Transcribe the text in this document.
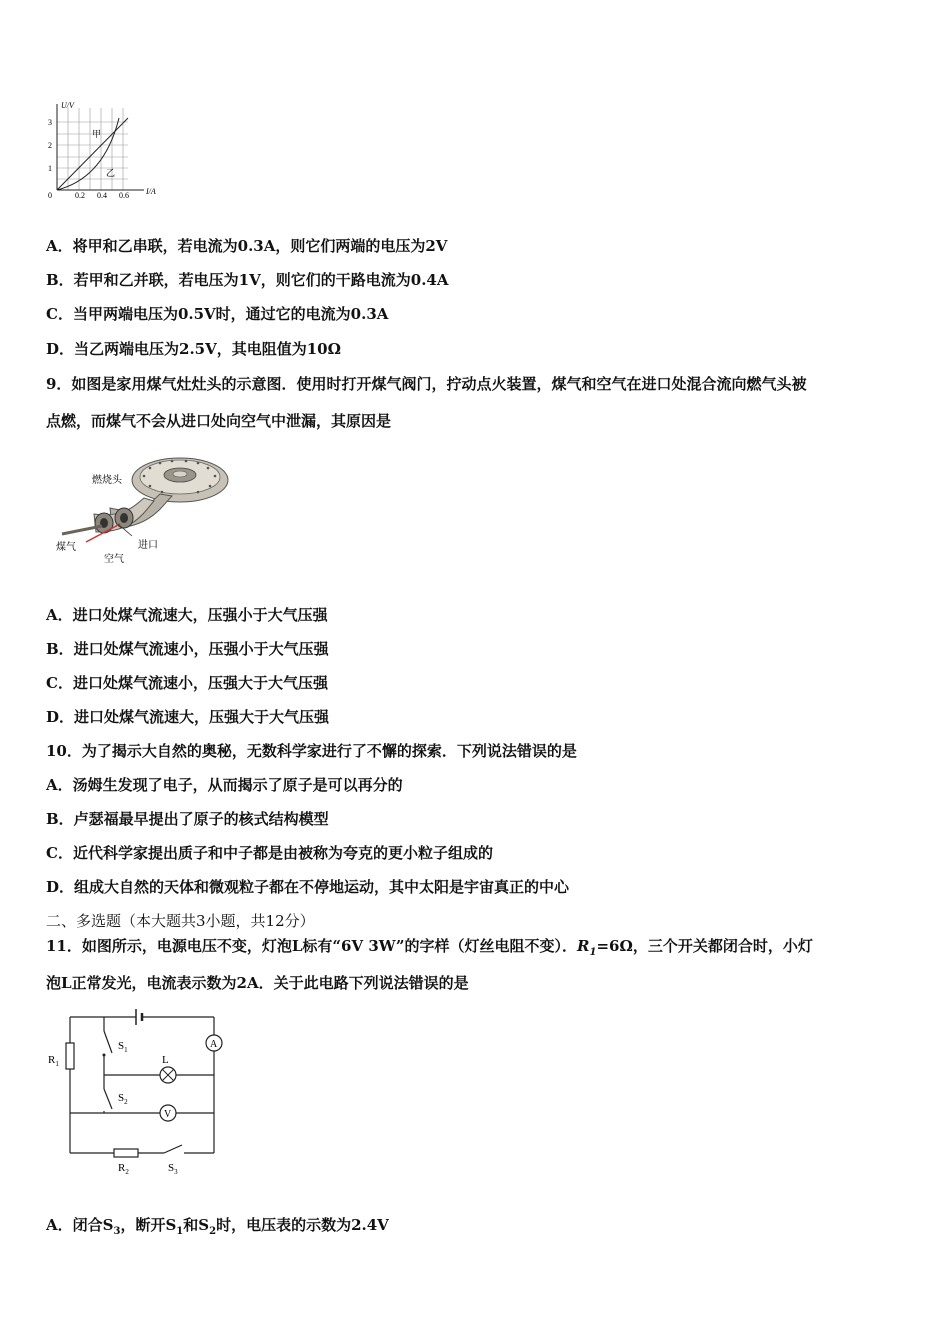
U/V
I/A
3
2
1
0	0.2 0.4 0.6
甲
乙
A．将甲和乙串联，若电流为0.3A，则它们两端的电压为2V
B．若甲和乙并联，若电压为1V，则它们的干路电流为0.4A
C．当甲两端电压为0.5V时，通过它的电流为0.3A
D．当乙两端电压为2.5V，其电阻值为10Ω
9．如图是家用煤气灶灶头的示意图．使用时打开煤气阀门，拧动点火装置，煤气和空气在进口处混合流向燃气头被
点燃，而煤气不会从进口处向空气中泄漏，其原因是
燃烧头
煤气
空气
进口
A．进口处煤气流速大，压强小于大气压强
B．进口处煤气流速小，压强小于大气压强
C．进口处煤气流速小，压强大于大气压强
D．进口处煤气流速大，压强大于大气压强
10．为了揭示大自然的奥秘，无数科学家进行了不懈的探索．下列说法错误的是
A．汤姆生发现了电子，从而揭示了原子是可以再分的
B．卢瑟福最早提出了原子的核式结构模型
C．近代科学家提出质子和中子都是由被称为夸克的更小粒子组成的
D．组成大自然的天体和微观粒子都在不停地运动，其中太阳是宇宙真正的中心
二、多选题（本大题共3小题，共12分）
11．如图所示，电源电压不变，灯泡L标有“6V 3W”的字样（灯丝电阻不变）．$R_1=6\Omega$，三个开关都闭合时，小灯
泡L正常发光，电流表示数为2A．关于此电路下列说法错误的是
A
V
L
$R_1$
$S_1$
$S_2$
$R_2$	$S_3$
A．闭合$S_3$，断开$S_1$和$S_2$时，电压表的示数为2.4V
